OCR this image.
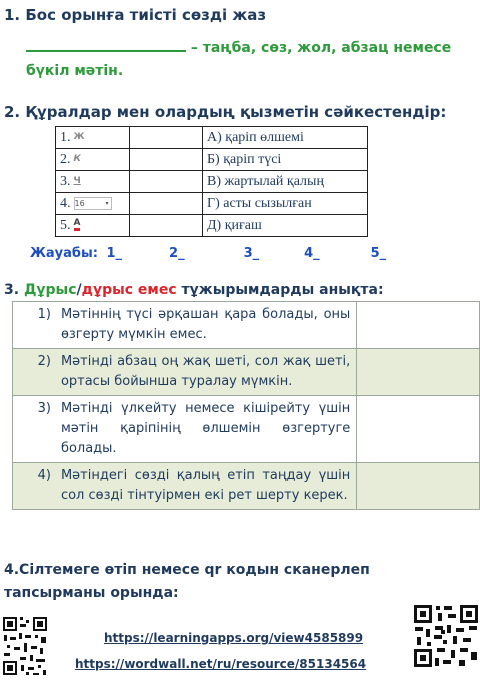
1. Бос орынға тиісті сөзді жаз
– таңба, сөз, жол, абзац немесе
бүкіл мәтін.
2. Құралдар мен олардың қызметін сәйкестендір:
1. Ж		А) қаріп өлшемі
2. К		Б) қаріп түсі
3. Ч		В) жартылай қалың
4. 16 ▾		Г) асты сызылған
5. А		Д) қиғаш
Жауабы: 1_	2_	3_	4_	5_
3. Дұрыс/дұрыс емес тұжырымдарды анықта:
1)	Мәтіннің түсі әрқашан қара болады, оны өзгерту мүмкін емес.	
2)	Мәтінді абзац оң жақ шеті, сол жақ шеті, ортасы бойынша туралау мүмкін.	
3)	Мәтінді үлкейту немесе кішірейту үшін мәтін қаріпінің өлшемін өзгертуге болады.	
4)	Мәтіндегі сөзді қалың етіп таңдау үшін сол сөзді тінтуірмен екі рет шерту керек.	
4.Сілтемеге өтіп немесе qr кодын сканерлеп
тапсырманы орында:
https://learningapps.org/view4585899
https://wordwall.net/ru/resource/85134564
